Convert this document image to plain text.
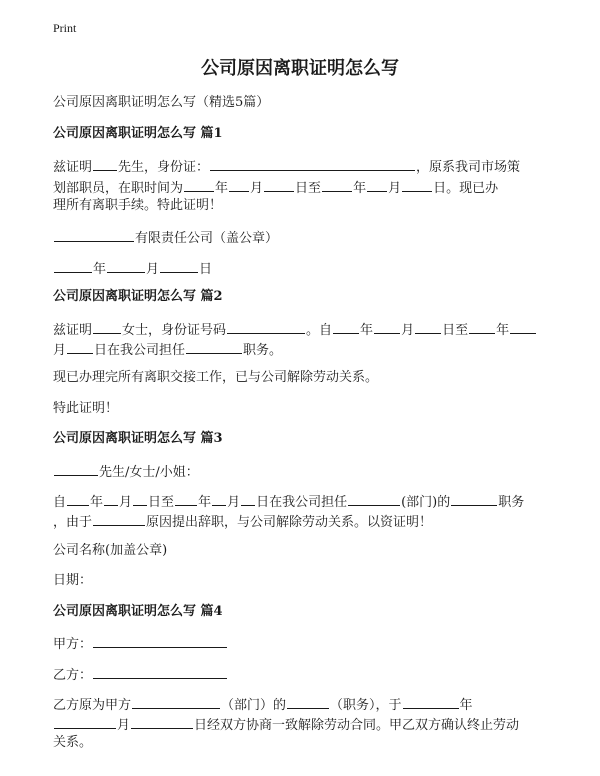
Print
公司原因离职证明怎么写
公司原因离职证明怎么写（精选5篇）
公司原因离职证明怎么写 篇1
兹证明 先生，身份证：	，原系我司市场策
划部职员，在职时间为 年 月 日至 年 月 日。现已办
理所有离职手续。特此证明！
有限责任公司（盖公章）
年	月	日
公司原因离职证明怎么写 篇2
兹证明 女士，身份证号码	。自 年 月 日至 年
月 日在我公司担任	职务。
现已办理完所有离职交接工作，已与公司解除劳动关系。
特此证明！
公司原因离职证明怎么写 篇3
先生/女士/小姐：
自 年 月 日至 年 月 日在我公司担任	(部门)的	职务
，由于	原因提出辞职，与公司解除劳动关系。以资证明！
公司名称(加盖公章)
日期：
公司原因离职证明怎么写 篇4
甲方：
乙方：
乙方原为甲方	（部门）的	（职务），于	年
月	日经双方协商一致解除劳动合同。甲乙双方确认终止劳动
关系。
